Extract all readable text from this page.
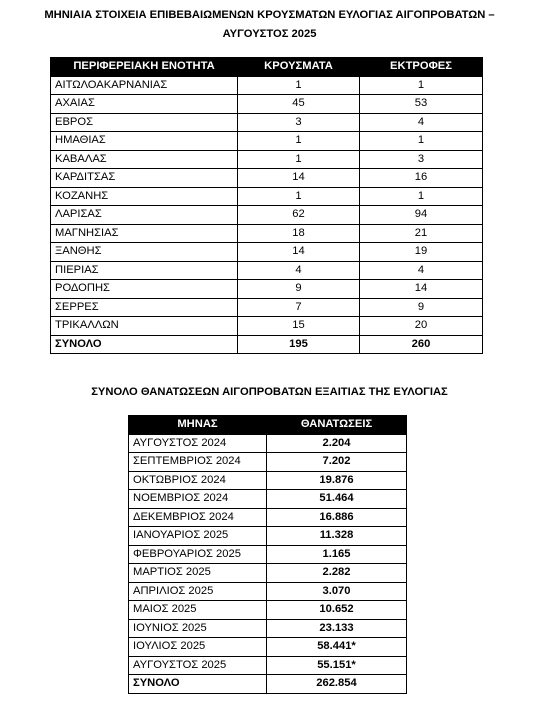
ΜΗΝΙΑΙΑ ΣΤΟΙΧΕΙΑ ΕΠΙΒΕΒΑΙΩΜΕΝΩΝ ΚΡΟΥΣΜΑΤΩΝ ΕΥΛΟΓΙΑΣ ΑΙΓΟΠΡΟΒΑΤΩΝ –
ΑΥΓΟΥΣΤΟΣ 2025
ΠΕΡΙΦΕΡΕΙΑΚΗ ΕΝΟΤΗΤΑ	ΚΡΟΥΣΜΑΤΑ	ΕΚΤΡΟΦΕΣ
ΑΙΤΩΛΟΑΚΑΡΝΑΝΙΑΣ	1	1
ΑΧΑΙΑΣ	45	53
ΕΒΡΟΣ	3	4
ΗΜΑΘΙΑΣ	1	1
ΚΑΒΑΛΑΣ	1	3
ΚΑΡΔΙΤΣΑΣ	14	16
ΚΟΖΑΝΗΣ	1	1
ΛΑΡΙΣΑΣ	62	94
ΜΑΓΝΗΣΙΑΣ	18	21
ΞΑΝΘΗΣ	14	19
ΠΙΕΡΙΑΣ	4	4
ΡΟΔΟΠΗΣ	9	14
ΣΕΡΡΕΣ	7	9
ΤΡΙΚΑΛΛΩΝ	15	20
ΣΥΝΟΛΟ	195	260
ΣΥΝΟΛΟ ΘΑΝΑΤΩΣΕΩΝ ΑΙΓΟΠΡΟΒΑΤΩΝ ΕΞΑΙΤΙΑΣ ΤΗΣ ΕΥΛΟΓΙΑΣ
ΜΗΝΑΣ	ΘΑΝΑΤΩΣΕΙΣ
ΑΥΓΟΥΣΤΟΣ 2024	2.204
ΣΕΠΤΕΜΒΡΙΟΣ 2024	7.202
ΟΚΤΩΒΡΙΟΣ 2024	19.876
ΝΟΕΜΒΡΙΟΣ 2024	51.464
ΔΕΚΕΜΒΡΙΟΣ 2024	16.886
ΙΑΝΟΥΑΡΙΟΣ 2025	11.328
ΦΕΒΡΟΥΑΡΙΟΣ 2025	1.165
ΜΑΡΤΙΟΣ 2025	2.282
ΑΠΡΙΛΙΟΣ 2025	3.070
ΜΑΙΟΣ 2025	10.652
ΙΟΥΝΙΟΣ 2025	23.133
ΙΟΥΛΙΟΣ 2025	58.441*
ΑΥΓΟΥΣΤΟΣ 2025	55.151*
ΣΥΝΟΛΟ	262.854
